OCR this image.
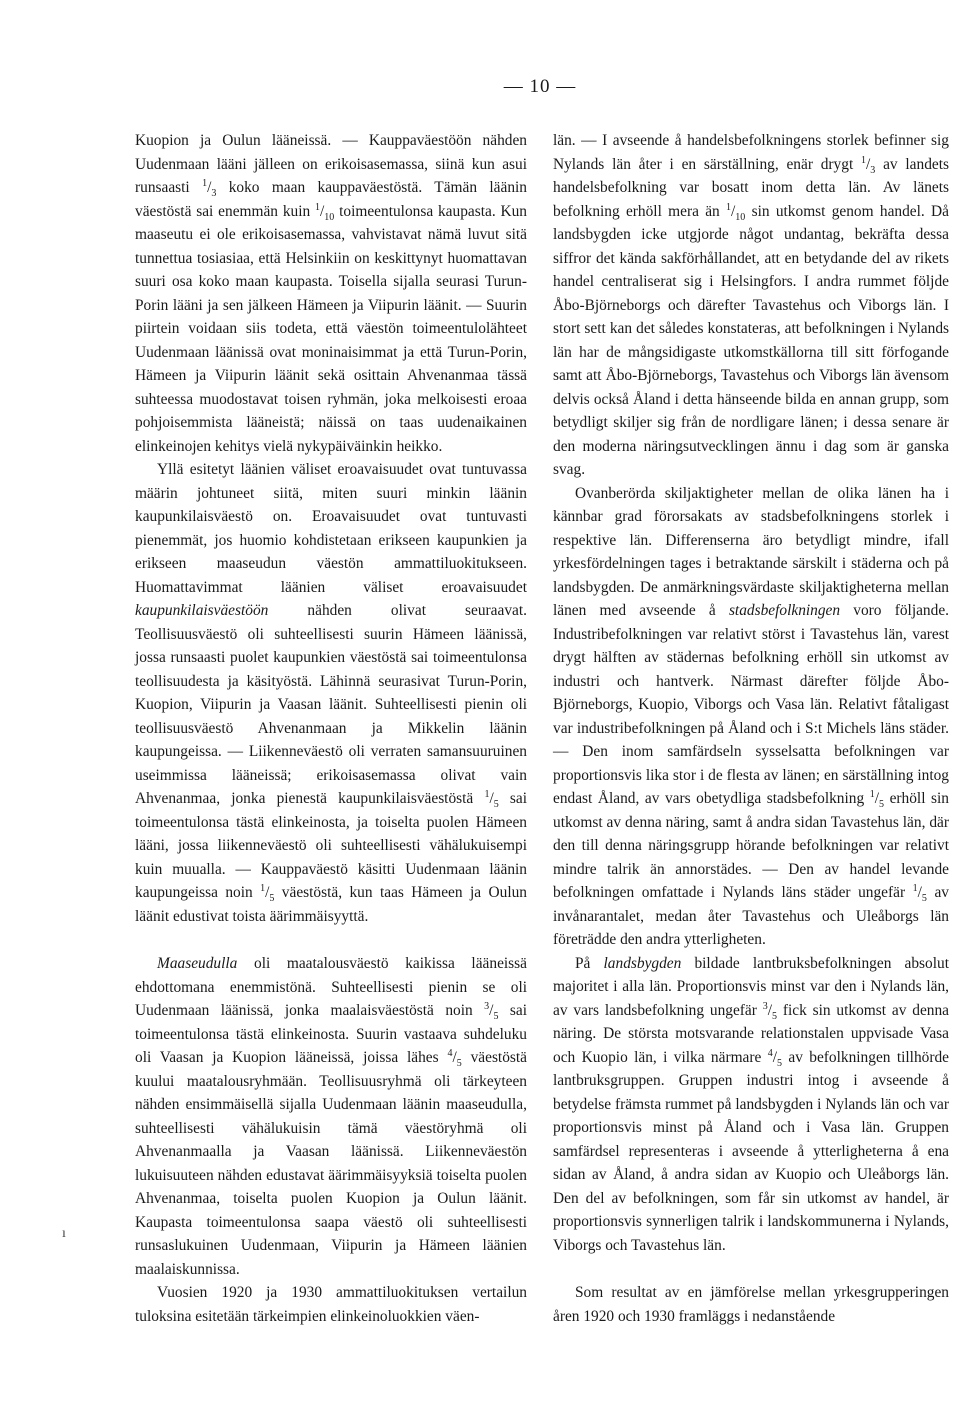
— 10 —

Kuopion ja Oulun lääneissä. — Kauppaväestöön nähden Uudenmaan lääni jälleen on erikoisasemassa, siinä kun asui runsaasti $^1/_3$ koko maan kauppaväestöstä. Tämän läänin väestöstä sai enemmän kuin $^1/_{10}$ toimeentulonsa kaupasta. Kun maaseutu ei ole erikoisasemassa, vahvistavat nämä luvut sitä tunnettua tosiasiaa, että Helsinkiin on keskittynyt huomattavan suuri osa koko maan kaupasta. Toisella sijalla seurasi Turun-Porin lääni ja sen jälkeen Hämeen ja Viipurin läänit. — Suurin piirtein voidaan siis todeta, että väestön toimeentulolähteet Uudenmaan läänissä ovat moninaisimmat ja että Turun-Porin, Hämeen ja Viipurin läänit sekä osittain Ahvenanmaa tässä suhteessa muodostavat toisen ryhmän, joka melkoisesti eroaa pohjoisemmista lääneistä; näissä on taas uudenaikainen elinkeinojen kehitys vielä nykypäiväinkin heikko.

Yllä esitetyt läänien väliset eroavaisuudet ovat tuntuvassa määrin johtuneet siitä, miten suuri minkin läänin kaupunkilaisväestö on. Eroavaisuudet ovat tuntuvasti pienemmät, jos huomio kohdistetaan erikseen kaupunkien ja erikseen maaseudun väestön ammattiluokitukseen. Huomattavimmat läänien väliset eroavaisuudet kaupunkilaisväestöön nähden olivat seuraavat. Teollisuusväestö oli suhteellisesti suurin Hämeen läänissä, jossa runsaasti puolet kaupunkien väestöstä sai toimeentulonsa teollisuudesta ja käsityöstä. Lähinnä seurasivat Turun-Porin, Kuopion, Viipurin ja Vaasan läänit. Suhteellisesti pienin oli teollisuusväestö Ahvenanmaan ja Mikkelin läänin kaupungeissa. — Liikenneväestö oli verraten samansuuruinen useimmissa lääneissä; erikoisasemassa olivat vain Ahvenanmaa, jonka pienestä kaupunkilaisväestöstä $^1/_5$ sai toimeentulonsa tästä elinkeinosta, ja toiselta puolen Hämeen lääni, jossa liikenneväestö oli suhteellisesti vähälukuisempi kuin muualla. — Kauppaväestö käsitti Uudenmaan läänin kaupungeissa noin $^1/_5$ väestöstä, kun taas Hämeen ja Oulun läänit edustivat toista äärimmäisyyttä.

Maaseudulla oli maatalousväestö kaikissa lääneissä ehdottomana enemmistönä. Suhteellisesti pienin se oli Uudenmaan läänissä, jonka maalaisväestöstä noin $^3/_5$ sai toimeentulonsa tästä elinkeinosta. Suurin vastaava suhdeluku oli Vaasan ja Kuopion lääneissä, joissa lähes $^4/_5$ väestöstä kuului maatalousryhmään. Teollisuusryhmä oli tärkeyteen nähden ensimmäisellä sijalla Uudenmaan läänin maaseudulla, suhteellisesti vähälukuisin tämä väestöryhmä oli Ahvenanmaalla ja Vaasan läänissä. Liikenneväestön lukuisuuteen nähden edustavat äärimmäisyyksiä toiselta puolen Ahvenanmaa, toiselta puolen Kuopion ja Oulun läänit. Kaupasta toimeentulonsa saapa väestö oli suhteellisesti runsaslukuinen Uudenmaan, Viipurin ja Hämeen läänien maalaiskunnissa.

Vuosien 1920 ja 1930 ammattiluokituksen vertailun tuloksina esitetään tärkeimpien elinkeinoluokkien väen-

län. — I avseende å handelsbefolkningens storlek befinner sig Nylands län åter i en särställning, enär drygt $^1/_3$ av landets handelsbefolkning var bosatt inom detta län. Av länets befolkning erhöll mera än $^1/_{10}$ sin utkomst genom handel. Då landsbygden icke utgjorde något undantag, bekräfta dessa siffror det kända sakförhållandet, att en betydande del av rikets handel centraliserat sig i Helsingfors. I andra rummet följde Åbo-Björneborgs och därefter Tavastehus och Viborgs län. I stort sett kan det således konstateras, att befolkningen i Nylands län har de mångsidigaste utkomstkällorna till sitt förfogande samt att Åbo-Björneborgs, Tavastehus och Viborgs län ävensom delvis också Åland i detta hänseende bilda en annan grupp, som betydligt skiljer sig från de nordligare länen; i dessa senare är den moderna näringsutvecklingen ännu i dag som är ganska svag.

Ovanberörda skiljaktigheter mellan de olika länen ha i kännbar grad förorsakats av stadsbefolkningens storlek i respektive län. Differenserna äro betydligt mindre, ifall yrkesfördelningen tages i betraktande särskilt i städerna och på landsbygden. De anmärkningsvärdaste skiljaktigheterna mellan länen med avseende å stadsbefolkningen voro följande. Industribefolkningen var relativt störst i Tavastehus län, varest drygt hälften av städernas befolkning erhöll sin utkomst av industri och hantverk. Närmast därefter följde Åbo-Björneborgs, Kuopio, Viborgs och Vasa län. Relativt fåtaligast var industribefolkningen på Åland och i S:t Michels läns städer. — Den inom samfärdseln sysselsatta befolkningen var proportionsvis lika stor i de flesta av länen; en särställning intog endast Åland, av vars obetydliga stadsbefolkning $^1/_5$ erhöll sin utkomst av denna näring, samt å andra sidan Tavastehus län, där den till denna näringsgrupp hörande befolkningen var relativt mindre talrik än annorstädes. — Den av handel levande befolkningen omfattade i Nylands läns städer ungefär $^1/_5$ av invånarantalet, medan åter Tavastehus och Uleåborgs län företrädde den andra ytterligheten.

På landsbygden bildade lantbruksbefolkningen absolut majoritet i alla län. Proportionsvis minst var den i Nylands län, av vars landsbefolkning ungefär $^3/_5$ fick sin utkomst av denna näring. De största motsvarande relationstalen uppvisade Vasa och Kuopio län, i vilka närmare $^4/_5$ av befolkningen tillhörde lantbruksgruppen. Gruppen industri intog i avseende å betydelse främsta rummet på landsbygden i Nylands län och var proportionsvis minst på Åland och i Vasa län. Gruppen samfärdsel representeras i avseende å ytterligheterna å ena sidan av Åland, å andra sidan av Kuopio och Uleåborgs län. Den del av befolkningen, som får sin utkomst av handel, är proportionsvis synnerligen talrik i landskommunerna i Nylands, Viborgs och Tavastehus län.

Som resultat av en jämförelse mellan yrkesgrupperingen åren 1920 och 1930 framläggs i nedanstående

ı
